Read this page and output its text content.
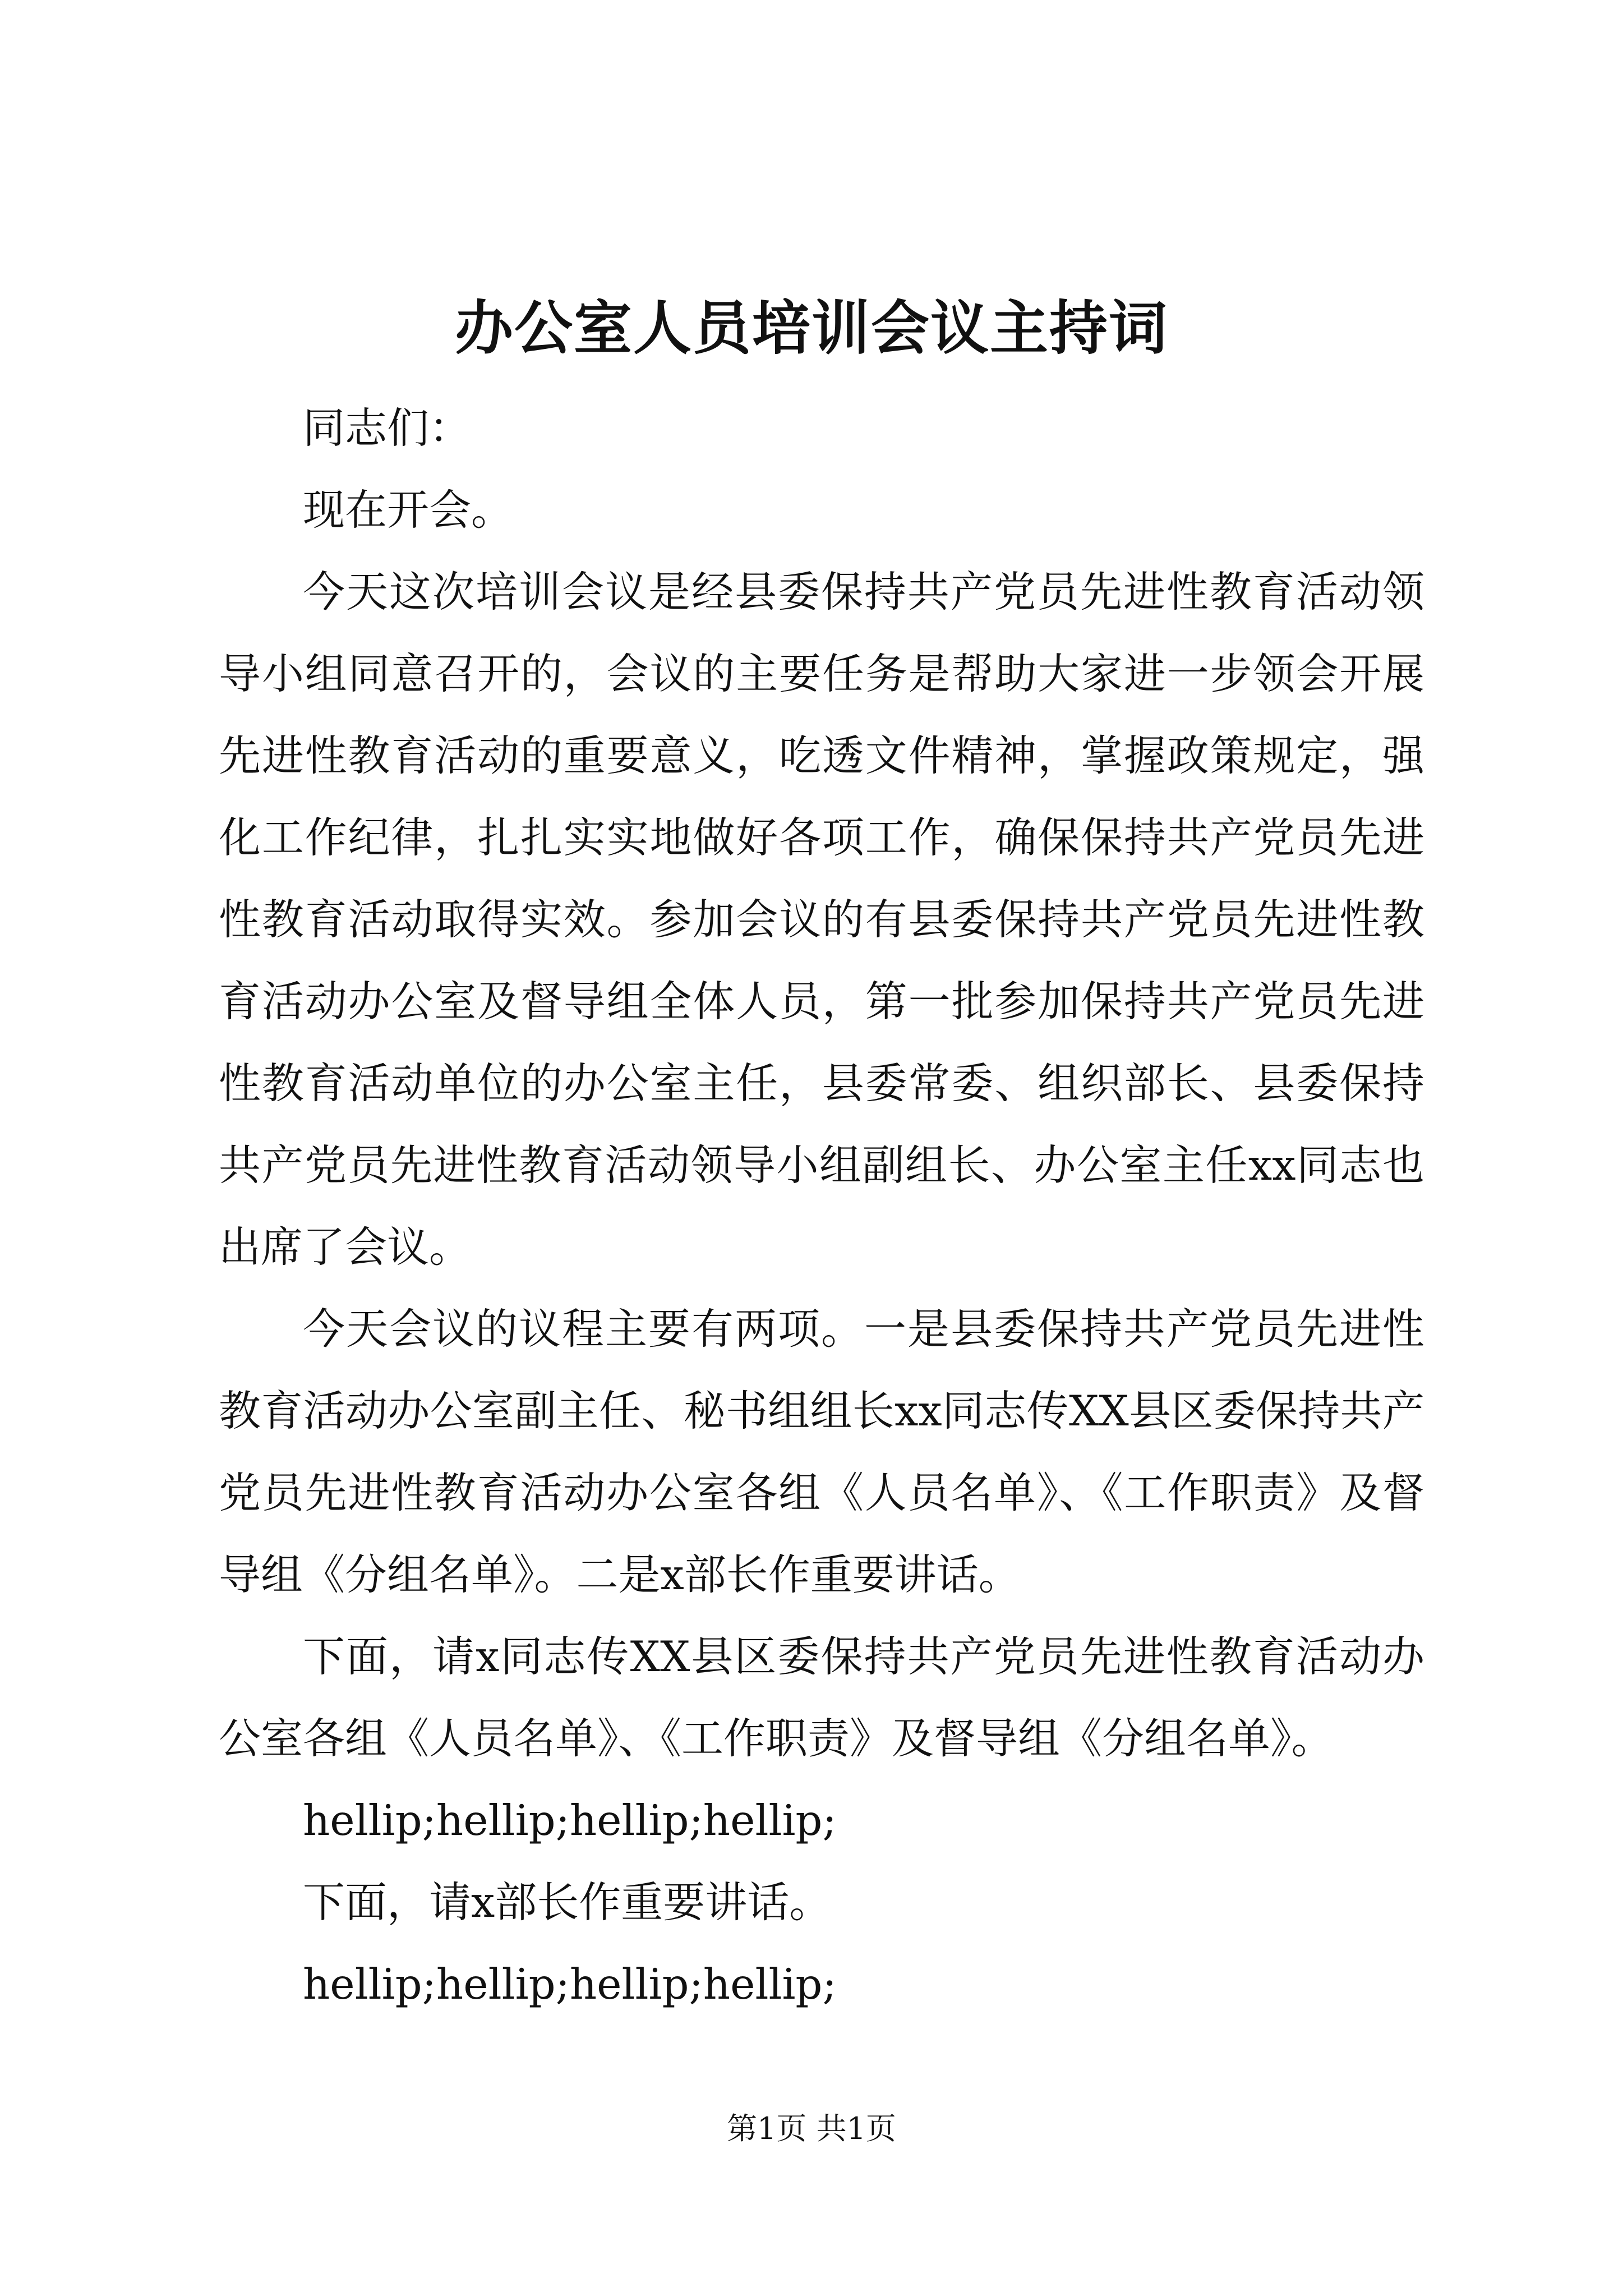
办公室人员培训会议主持词

同志们：

现在开会。

今天这次培训会议是经县委保持共产党员先进性教育活动领导小组同意召开的，会议的主要任务是帮助大家进一步领会开展先进性教育活动的重要意义，吃透文件精神，掌握政策规定，强化工作纪律，扎扎实实地做好各项工作，确保保持共产党员先进性教育活动取得实效。参加会议的有县委保持共产党员先进性教育活动办公室及督导组全体人员，第一批参加保持共产党员先进性教育活动单位的办公室主任，县委常委、组织部长、县委保持共产党员先进性教育活动领导小组副组长、办公室主任xx同志也出席了会议。

今天会议的议程主要有两项。一是县委保持共产党员先进性教育活动办公室副主任、秘书组组长xx同志传XX县区委保持共产党员先进性教育活动办公室各组《人员名单》、《工作职责》及督导组《分组名单》。二是x部长作重要讲话。

下面，请x同志传XX县区委保持共产党员先进性教育活动办公室各组《人员名单》、《工作职责》及督导组《分组名单》。

hellip;hellip;hellip;hellip;

下面，请x部长作重要讲话。

hellip;hellip;hellip;hellip;

第1页 共1页
